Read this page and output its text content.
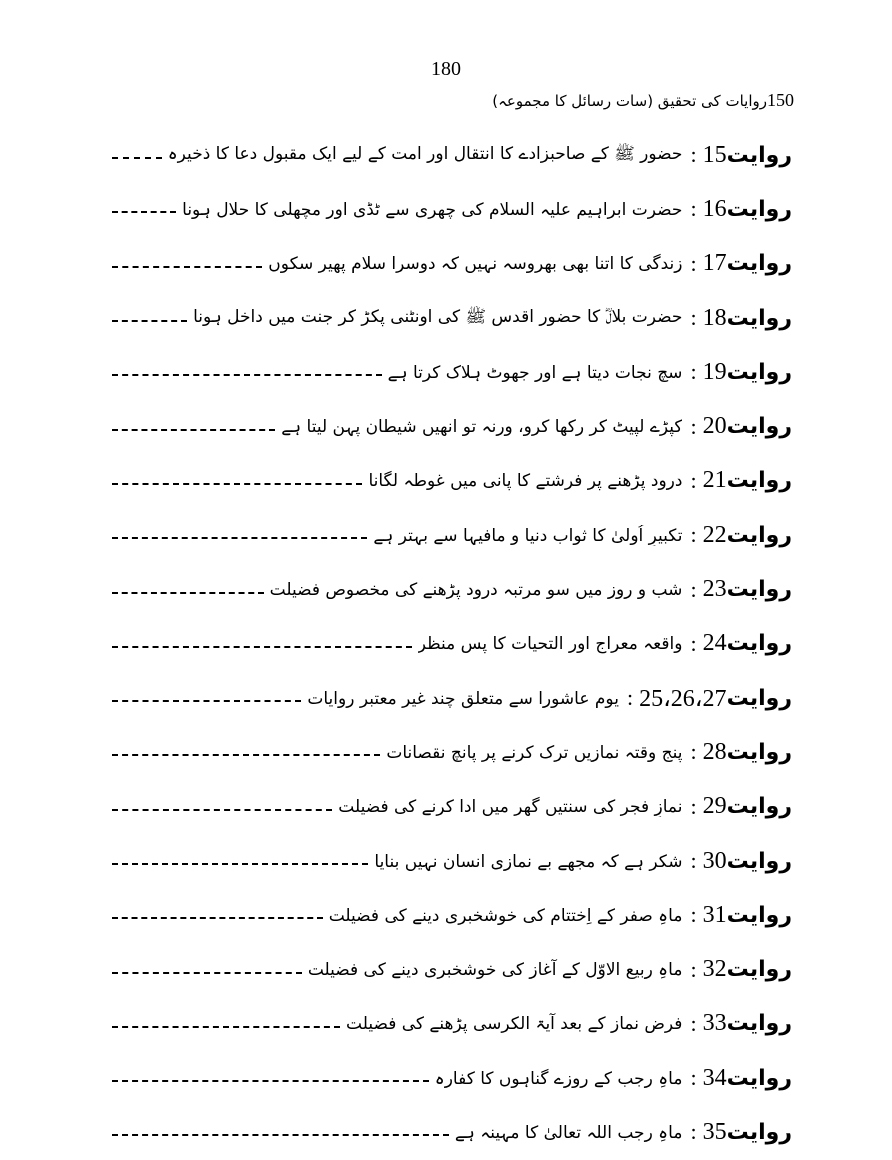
180
150روایات کی تحقیق (سات رسائل کا مجموعہ)
روایت
15
:
حضور ﷺ کے صاحبزادے کا انتقال اور امت کے لیے ایک مقبول دعا کا ذخیرہ
روایت
16
:
حضرت ابراہیم علیہ السلام کی چھری سے ٹڈی اور مچھلی کا حلال ہونا
روایت
17
:
زندگی کا اتنا بھی بھروسہ نہیں کہ دوسرا سلام پھیر سکوں
روایت
18
:
حضرت بلالؓ کا حضور اقدس ﷺ کی اونٹنی پکڑ کر جنت میں داخل ہونا
روایت
19
:
سچ نجات دیتا ہے اور جھوٹ ہلاک کرتا ہے
روایت
20
:
کپڑے لپیٹ کر رکھا کرو، ورنہ تو انھیں شیطان پہن لیتا ہے
روایت
21
:
درود پڑھنے پر فرشتے کا پانی میں غوطہ لگانا
روایت
22
:
تکبیرِ اُولیٰ کا ثواب دنیا و مافیہا سے بہتر ہے
روایت
23
:
شب و روز میں سو مرتبہ درود پڑھنے کی مخصوص فضیلت
روایت
24
:
واقعہ معراج اور التحیات کا پسِ منظر
روایت
25،26،27
:
یومِ عاشورا سے متعلق چند غیر معتبر روایات
روایت
28
:
پنج وقتہ نمازیں ترک کرنے پر پانچ نقصانات
روایت
29
:
نمازِ فجر کی سنتیں گھر میں ادا کرنے کی فضیلت
روایت
30
:
شکر ہے کہ مجھے بے نمازی انسان نہیں بنایا
روایت
31
:
ماہِ صفر کے اِختتام کی خوشخبری دینے کی فضیلت
روایت
32
:
ماہِ ربیع الاوّل کے آغاز کی خوشخبری دینے کی فضیلت
روایت
33
:
فرض نماز کے بعد آیۃ الکرسی پڑھنے کی فضیلت
روایت
34
:
ماہِ رجب کے روزے گناہوں کا کفارہ
روایت
35
:
ماہِ رجب اللہ تعالیٰ کا مہینہ ہے
